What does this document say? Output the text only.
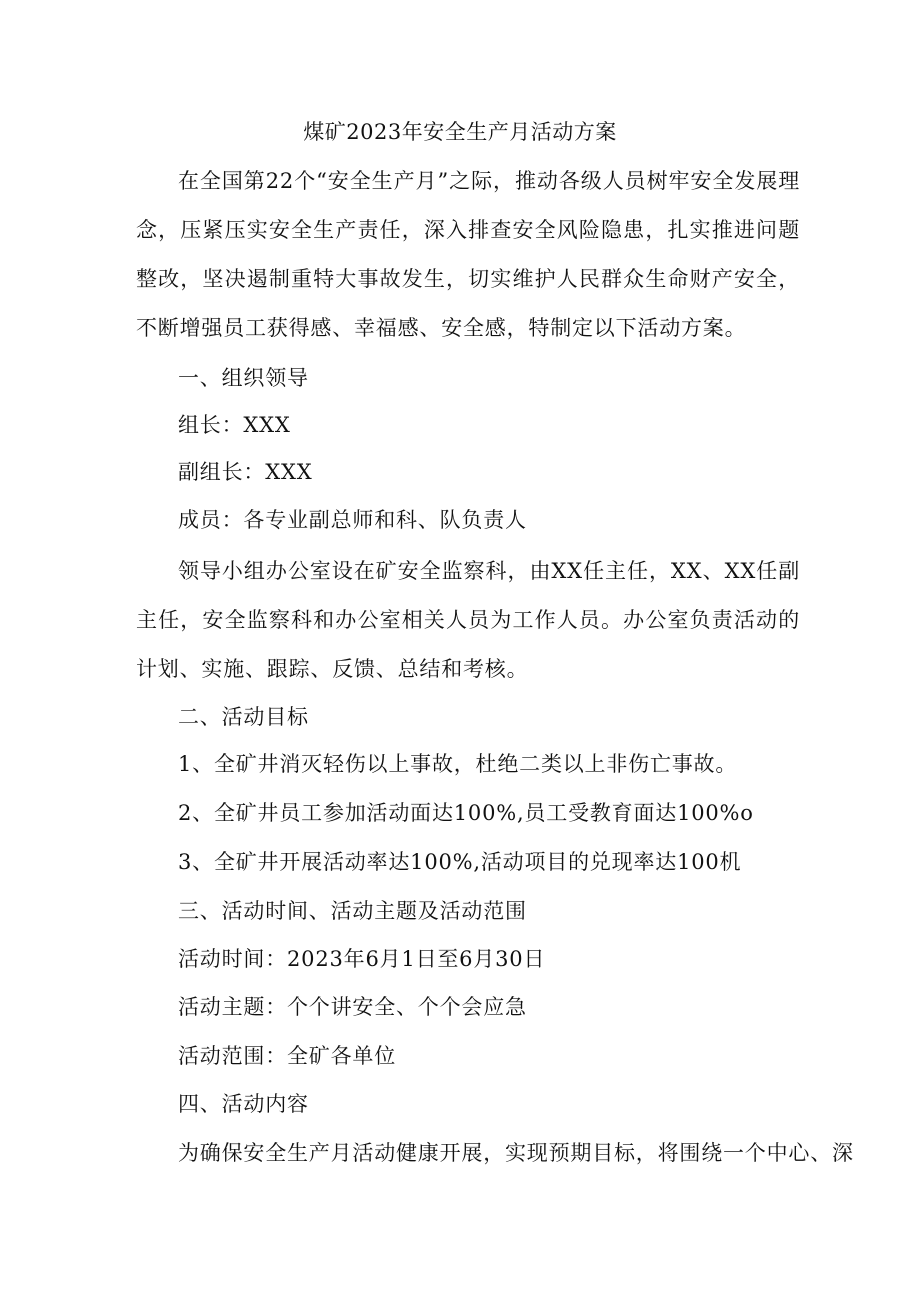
煤矿2023年安全生产月活动方案

在全国第22个“安全生产月”之际，推动各级人员树牢安全发展理念，压紧压实安全生产责任，深入排查安全风险隐患，扎实推进问题整改，坚决遏制重特大事故发生，切实维护人民群众生命财产安全，不断增强员工获得感、幸福感、安全感，特制定以下活动方案。

一、组织领导

组长：XXX

副组长：XXX

成员：各专业副总师和科、队负责人

领导小组办公室设在矿安全监察科，由XX任主任，XX、XX任副主任，安全监察科和办公室相关人员为工作人员。办公室负责活动的计划、实施、跟踪、反馈、总结和考核。

二、活动目标

1、全矿井消灭轻伤以上事故，杜绝二类以上非伤亡事故。

2、全矿井员工参加活动面达100%,员工受教育面达100%o

3、全矿井开展活动率达100%,活动项目的兑现率达100机

三、活动时间、活动主题及活动范围

活动时间：2023年6月1日至6月30日

活动主题：个个讲安全、个个会应急

活动范围：全矿各单位

四、活动内容

为确保安全生产月活动健康开展，实现预期目标，将围绕一个中心、深
